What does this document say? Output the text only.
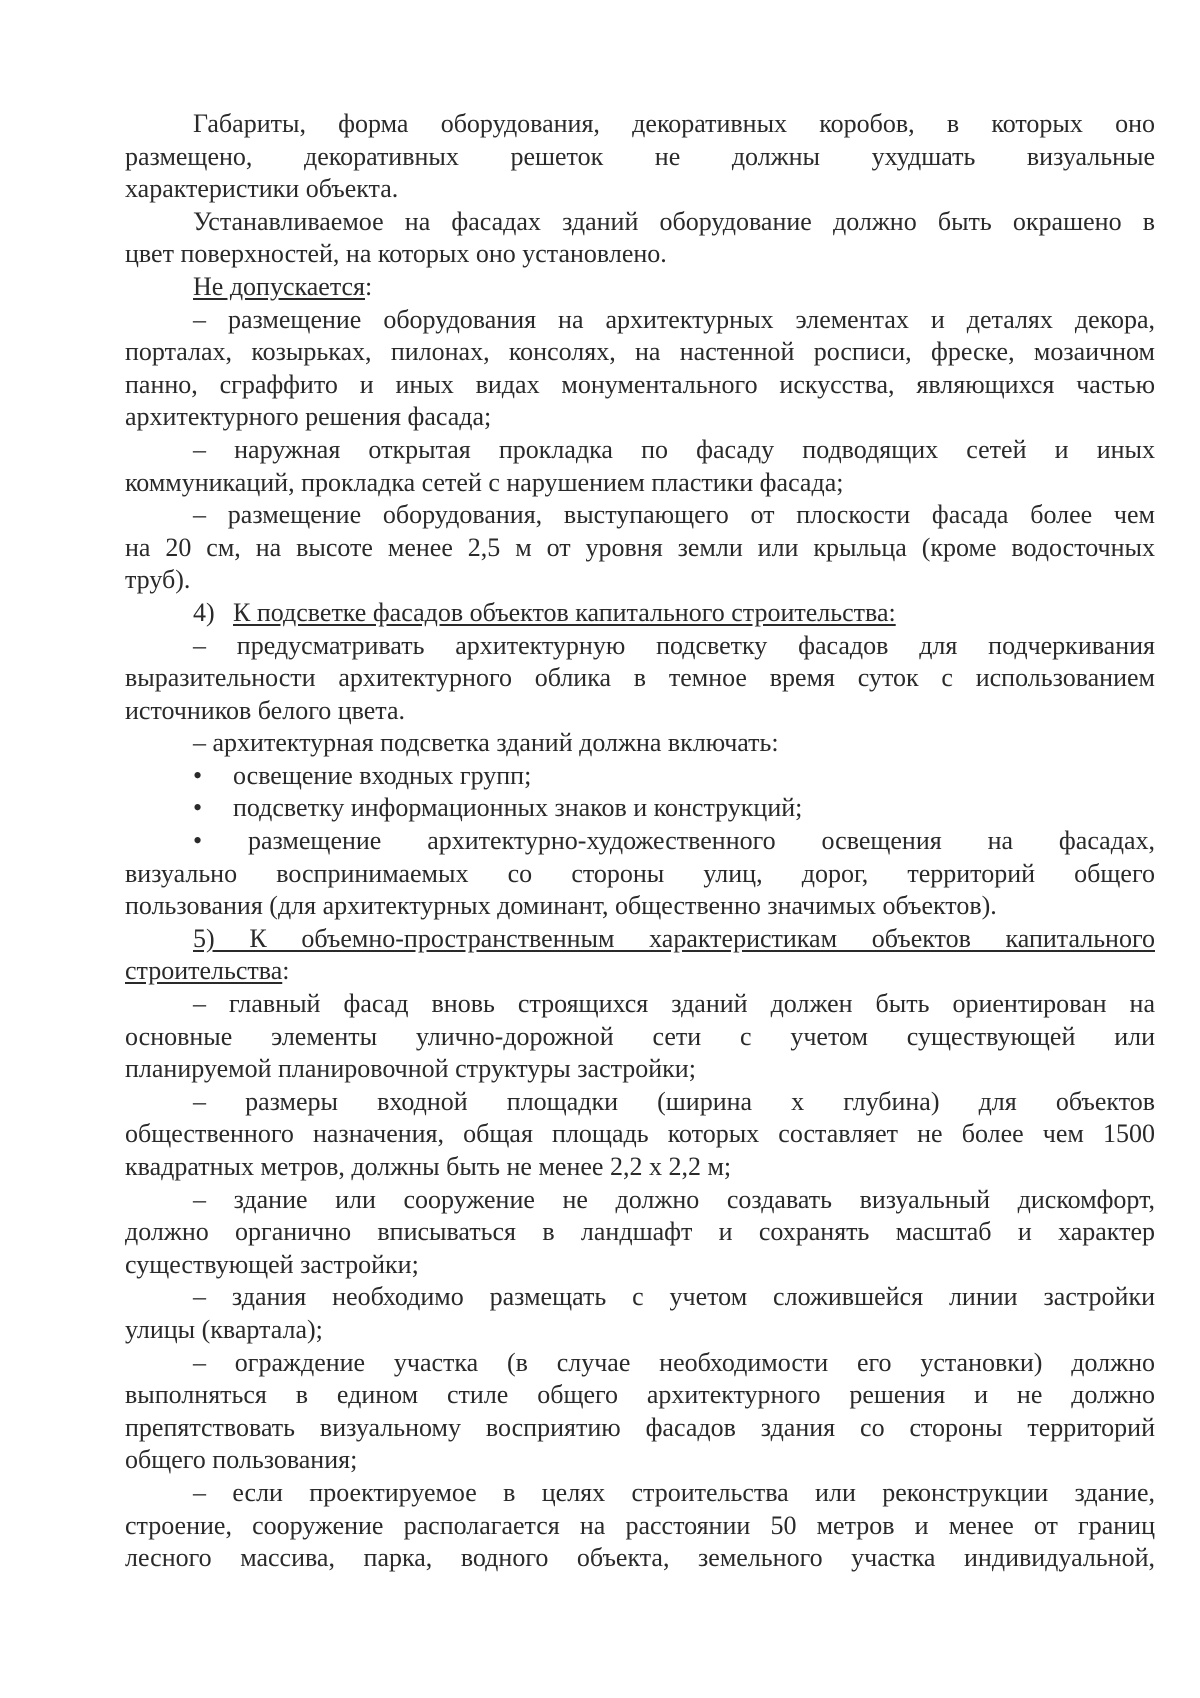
Габариты, форма оборудования, декоративных коробов, в которых оно
размещено, декоративных решеток не должны ухудшать визуальные
характеристики объекта.
Устанавливаемое на фасадах зданий оборудование должно быть окрашено в
цвет поверхностей, на которых оно установлено.
Не допускается:
– размещение оборудования на архитектурных элементах и деталях декора,
порталах, козырьках, пилонах, консолях, на настенной росписи, фреске, мозаичном
панно, сграффито и иных видах монументального искусства, являющихся частью
архитектурного решения фасада;
– наружная открытая прокладка по фасаду подводящих сетей и иных
коммуникаций, прокладка сетей с нарушением пластики фасада;
– размещение оборудования, выступающего от плоскости фасада более чем
на 20 см, на высоте менее 2,5 м от уровня земли или крыльца (кроме водосточных
труб).
4) К подсветке фасадов объектов капитального строительства:
– предусматривать архитектурную подсветку фасадов для подчеркивания
выразительности архитектурного облика в темное время суток с использованием
источников белого цвета.
– архитектурная подсветка зданий должна включать:
• освещение входных групп;
• подсветку информационных знаков и конструкций;
• размещение архитектурно-художественного освещения на фасадах,
визуально воспринимаемых со стороны улиц, дорог, территорий общего
пользования (для архитектурных доминант, общественно значимых объектов).
5) К объемно-пространственным характеристикам объектов капитального
строительства:
– главный фасад вновь строящихся зданий должен быть ориентирован на
основные элементы улично-дорожной сети с учетом существующей или
планируемой планировочной структуры застройки;
– размеры входной площадки (ширина х глубина) для объектов
общественного назначения, общая площадь которых составляет не более чем 1500
квадратных метров, должны быть не менее 2,2 х 2,2 м;
– здание или сооружение не должно создавать визуальный дискомфорт,
должно органично вписываться в ландшафт и сохранять масштаб и характер
существующей застройки;
– здания необходимо размещать с учетом сложившейся линии застройки
улицы (квартала);
– ограждение участка (в случае необходимости его установки) должно
выполняться в едином стиле общего архитектурного решения и не должно
препятствовать визуальному восприятию фасадов здания со стороны территорий
общего пользования;
– если проектируемое в целях строительства или реконструкции здание,
строение, сооружение располагается на расстоянии 50 метров и менее от границ
лесного массива, парка, водного объекта, земельного участка индивидуальной,
